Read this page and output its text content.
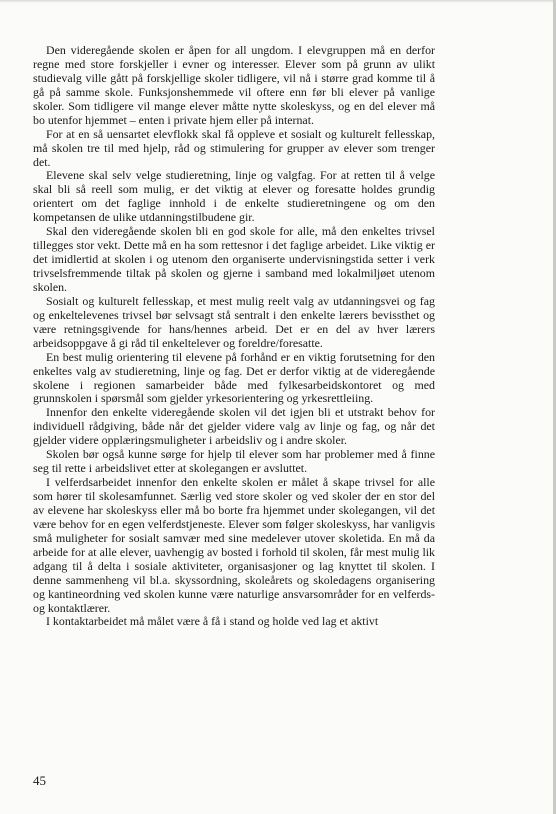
Den videregående skolen er åpen for all ungdom. I elevgruppen må en derfor regne med store forskjeller i evner og interesser. Elever som på grunn av ulikt studievalg ville gått på forskjellige skoler tidligere, vil nå i større grad komme til å gå på samme skole. Funksjonshemmede vil oftere enn før bli elever på vanlige skoler. Som tidligere vil mange elever måtte nytte skoleskyss, og en del elever må bo utenfor hjemmet – enten i private hjem eller på internat.

For at en så uensartet elevflokk skal få oppleve et sosialt og kulturelt fellesskap, må skolen tre til med hjelp, råd og stimulering for grupper av elever som trenger det.

Elevene skal selv velge studieretning, linje og valgfag. For at retten til å velge skal bli så reell som mulig, er det viktig at elever og foresatte holdes grundig orientert om det faglige innhold i de enkelte studieretningene og om den kompetansen de ulike utdanningstilbudene gir.

Skal den videregående skolen bli en god skole for alle, må den enkeltes trivsel tillegges stor vekt. Dette må en ha som rettesnor i det faglige arbeidet. Like viktig er det imidlertid at skolen i og utenom den organiserte undervisningstida setter i verk trivselsfremmende tiltak på skolen og gjerne i samband med lokalmiljøet utenom skolen.

Sosialt og kulturelt fellesskap, et mest mulig reelt valg av utdanningsvei og fag og enkeltelevenes trivsel bør selvsagt stå sentralt i den enkelte lærers bevissthet og være retningsgivende for hans/hennes arbeid. Det er en del av hver lærers arbeidsoppgave å gi råd til enkeltelever og foreldre/foresatte.

En best mulig orientering til elevene på forhånd er en viktig forutsetning for den enkeltes valg av studieretning, linje og fag. Det er derfor viktig at de videregående skolene i regionen samarbeider både med fylkesarbeidskontoret og med grunnskolen i spørsmål som gjelder yrkesorientering og yrkesrettleiing.

Innenfor den enkelte videregående skolen vil det igjen bli et utstrakt behov for individuell rådgiving, både når det gjelder videre valg av linje og fag, og når det gjelder videre opplæringsmuligheter i arbeidsliv og i andre skoler.

Skolen bør også kunne sørge for hjelp til elever som har problemer med å finne seg til rette i arbeidslivet etter at skolegangen er avsluttet.

I velferdsarbeidet innenfor den enkelte skolen er målet å skape trivsel for alle som hører til skolesamfunnet. Særlig ved store skoler og ved skoler der en stor del av elevene har skoleskyss eller må bo borte fra hjemmet under skolegangen, vil det være behov for en egen velferdstjeneste. Elever som følger skoleskyss, har vanligvis små muligheter for sosialt samvær med sine medelever utover skoletida. En må da arbeide for at alle elever, uavhengig av bosted i forhold til skolen, får mest mulig lik adgang til å delta i sosiale aktiviteter, organisasjoner og lag knyttet til skolen. I denne sammenheng vil bl.a. skyssordning, skoleårets og skoledagens organisering og kantineordning ved skolen kunne være naturlige ansvarsområder for en velferds- og kontaktlærer.

I kontaktarbeidet må målet være å få i stand og holde ved lag et aktivt

45
